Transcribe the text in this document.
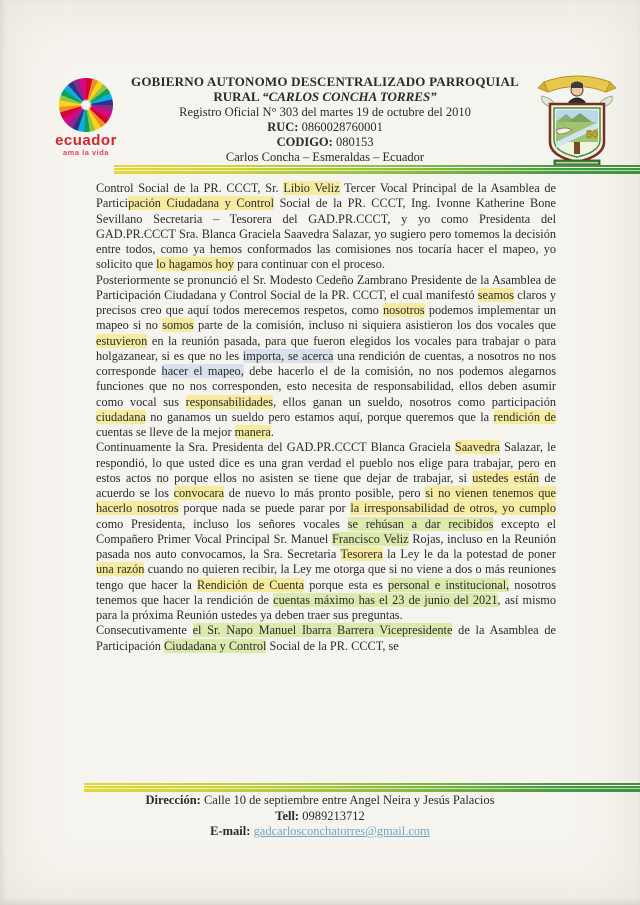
ecuador
ama la vida
GOBIERNO AUTONOMO DESCENTRALIZADO PARROQUIAL
RURAL “CARLOS CONCHA TORRES”
Registro Oficial N° 303 del martes 19 de octubre del 2010
RUC: 0860028760001
CODIGO: 080153
Carlos Concha – Esmeraldas – Ecuador
50

Control Social de la PR. CCCT, Sr. Libio Veliz Tercer Vocal Principal de la Asamblea de Participación Ciudadana y Control Social de la PR. CCCT, Ing. Ivonne Katherine Bone Sevillano Secretaria – Tesorera del GAD.PR.CCCT, y yo como Presidenta del GAD.PR.CCCT Sra. Blanca Graciela Saavedra Salazar, yo sugiero pero tomemos la decisión entre todos, como ya hemos conformados las comisiones nos tocaría hacer el mapeo, yo solicito que lo hagamos hoy para continuar con el proceso.

Posteriormente se pronunció el Sr. Modesto Cedeño Zambrano Presidente de la Asamblea de Participación Ciudadana y Control Social de la PR. CCCT, el cual manifestó seamos claros y precisos creo que aquí todos merecemos respetos, como nosotros podemos implementar un mapeo si no somos parte de la comisión, incluso ni siquiera asistieron los dos vocales que estuvieron en la reunión pasada, para que fueron elegidos los vocales para trabajar o para holgazanear, si es que no les importa, se acerca una rendición de cuentas, a nosotros no nos corresponde hacer el mapeo, debe hacerlo el de la comisión, no nos podemos alegarnos funciones que no nos corresponden, esto necesita de responsabilidad, ellos deben asumir como vocal sus responsabilidades, ellos ganan un sueldo, nosotros como participación ciudadana no ganamos un sueldo pero estamos aquí, porque queremos que la rendición de cuentas se lleve de la mejor manera.

Continuamente la Sra. Presidenta del GAD.PR.CCCT Blanca Graciela Saavedra Salazar, le respondió, lo que usted dice es una gran verdad el pueblo nos elige para trabajar, pero en estos actos no porque ellos no asisten se tiene que dejar de trabajar, si ustedes están de acuerdo se los convocara de nuevo lo más pronto posible, pero si no vienen tenemos que hacerlo nosotros porque nada se puede parar por la irresponsabilidad de otros, yo cumplo como Presidenta, incluso los señores vocales se rehúsan a dar recibidos excepto el Compañero Primer Vocal Principal Sr. Manuel Francisco Veliz Rojas, incluso en la Reunión pasada nos auto convocamos, la Sra. Secretaria Tesorera la Ley le da la potestad de poner una razón cuando no quieren recibir, la Ley me otorga que si no viene a dos o más reuniones tengo que hacer la Rendición de Cuenta porque esta es personal e institucional, nosotros tenemos que hacer la rendición de cuentas máximo has el 23 de junio del 2021, así mismo para la próxima Reunión ustedes ya deben traer sus preguntas.

Consecutivamente el Sr. Napo Manuel Ibarra Barrera Vicepresidente de la Asamblea de Participación Ciudadana y Control Social de la PR. CCCT, se

Dirección: Calle 10 de septiembre entre Angel Neira y Jesús Palacios
Tell: 0989213712
E-mail: gadcarlosconchatorres@gmail.com
